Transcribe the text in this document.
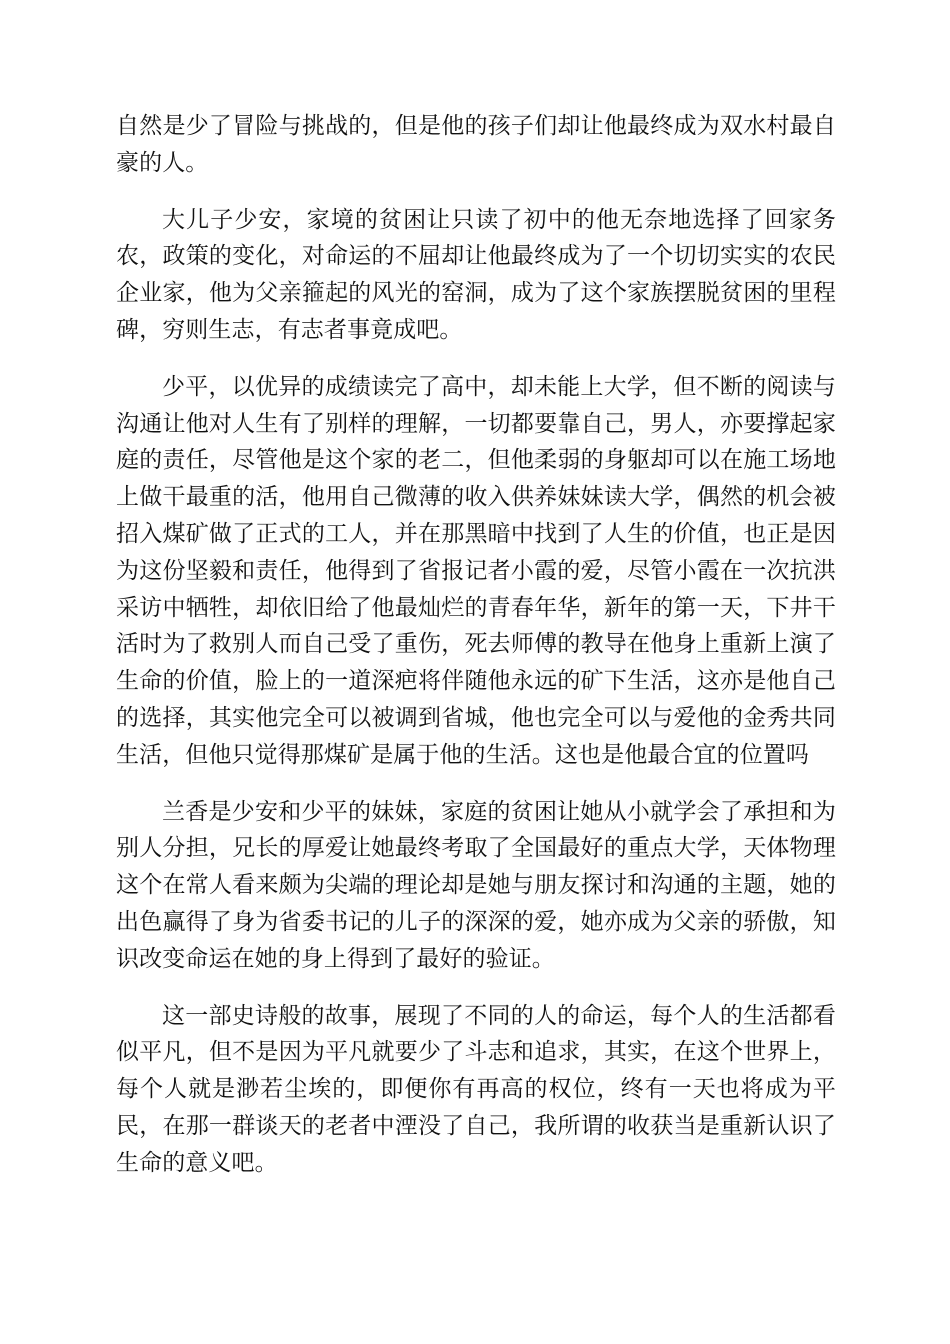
自然是少了冒险与挑战的，但是他的孩子们却让他最终成为双水村最自豪的人。

大儿子少安，家境的贫困让只读了初中的他无奈地选择了回家务农，政策的变化，对命运的不屈却让他最终成为了一个切切实实的农民企业家，他为父亲箍起的风光的窑洞，成为了这个家族摆脱贫困的里程碑，穷则生志，有志者事竟成吧。

少平，以优异的成绩读完了高中，却未能上大学，但不断的阅读与沟通让他对人生有了别样的理解，一切都要靠自己，男人，亦要撑起家庭的责任，尽管他是这个家的老二，但他柔弱的身躯却可以在施工场地上做干最重的活，他用自己微薄的收入供养妹妹读大学，偶然的机会被招入煤矿做了正式的工人，并在那黑暗中找到了人生的价值，也正是因为这份坚毅和责任，他得到了省报记者小霞的爱，尽管小霞在一次抗洪采访中牺牲，却依旧给了他最灿烂的青春年华，新年的第一天，下井干活时为了救别人而自己受了重伤，死去师傅的教导在他身上重新上演了生命的价值，脸上的一道深疤将伴随他永远的矿下生活，这亦是他自己的选择，其实他完全可以被调到省城，他也完全可以与爱他的金秀共同生活，但他只觉得那煤矿是属于他的生活。这也是他最合宜的位置吗

兰香是少安和少平的妹妹，家庭的贫困让她从小就学会了承担和为别人分担，兄长的厚爱让她最终考取了全国最好的重点大学，天体物理这个在常人看来颇为尖端的理论却是她与朋友探讨和沟通的主题，她的出色赢得了身为省委书记的儿子的深深的爱，她亦成为父亲的骄傲，知识改变命运在她的身上得到了最好的验证。

这一部史诗般的故事，展现了不同的人的命运，每个人的生活都看似平凡，但不是因为平凡就要少了斗志和追求，其实，在这个世界上，每个人就是渺若尘埃的，即便你有再高的权位，终有一天也将成为平民，在那一群谈天的老者中湮没了自己，我所谓的收获当是重新认识了生命的意义吧。
